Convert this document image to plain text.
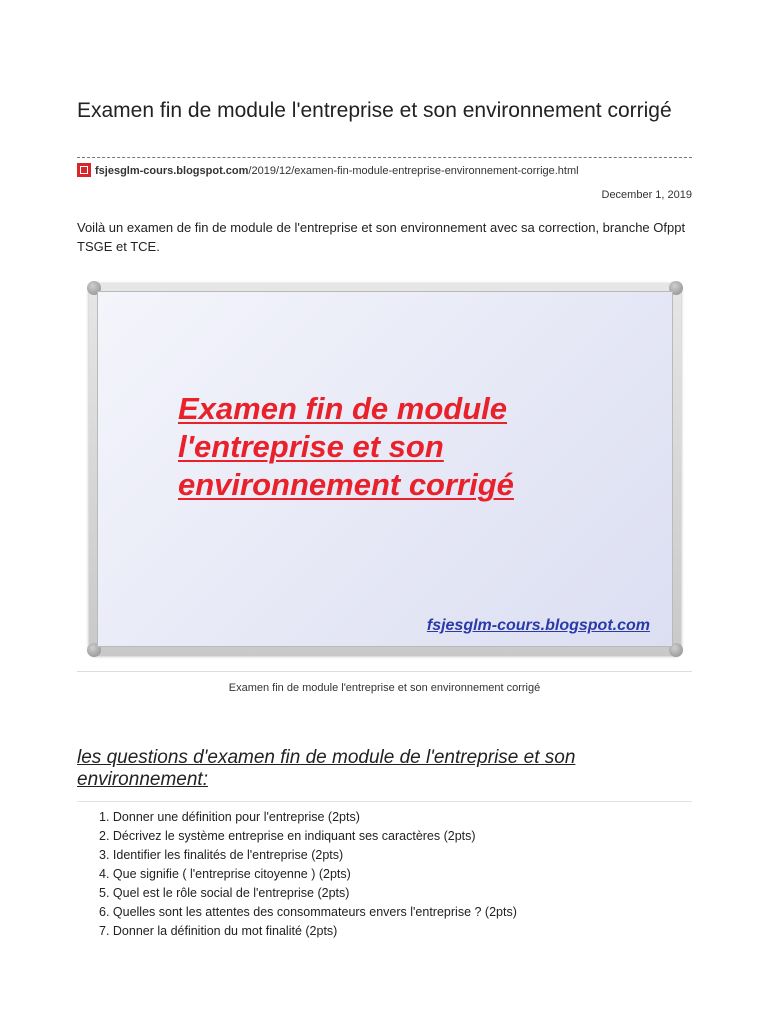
Examen fin de module l'entreprise et son environnement corrigé
fsjesglm-cours.blogspot.com/2019/12/examen-fin-module-entreprise-environnement-corrige.html
December 1, 2019

Voilà un examen de fin de module de l'entreprise et son environnement avec sa correction, branche Ofppt TSGE et TCE.

Examen fin de module
l'entreprise et son
environnement corrigé
fsjesglm-cours.blogspot.com
Examen fin de module l'entreprise et son environnement corrigé
les questions d'examen fin de module de l'entreprise et son environnement:
1. Donner une définition pour l'entreprise (2pts)
2. Décrivez le système entreprise en indiquant ses caractères (2pts)
3. Identifier les finalités de l'entreprise (2pts)
4. Que signifie ( l'entreprise citoyenne ) (2pts)
5. Quel est le rôle social de l'entreprise (2pts)
6. Quelles sont les attentes des consommateurs envers l'entreprise ? (2pts)
7. Donner la définition du mot finalité (2pts)
